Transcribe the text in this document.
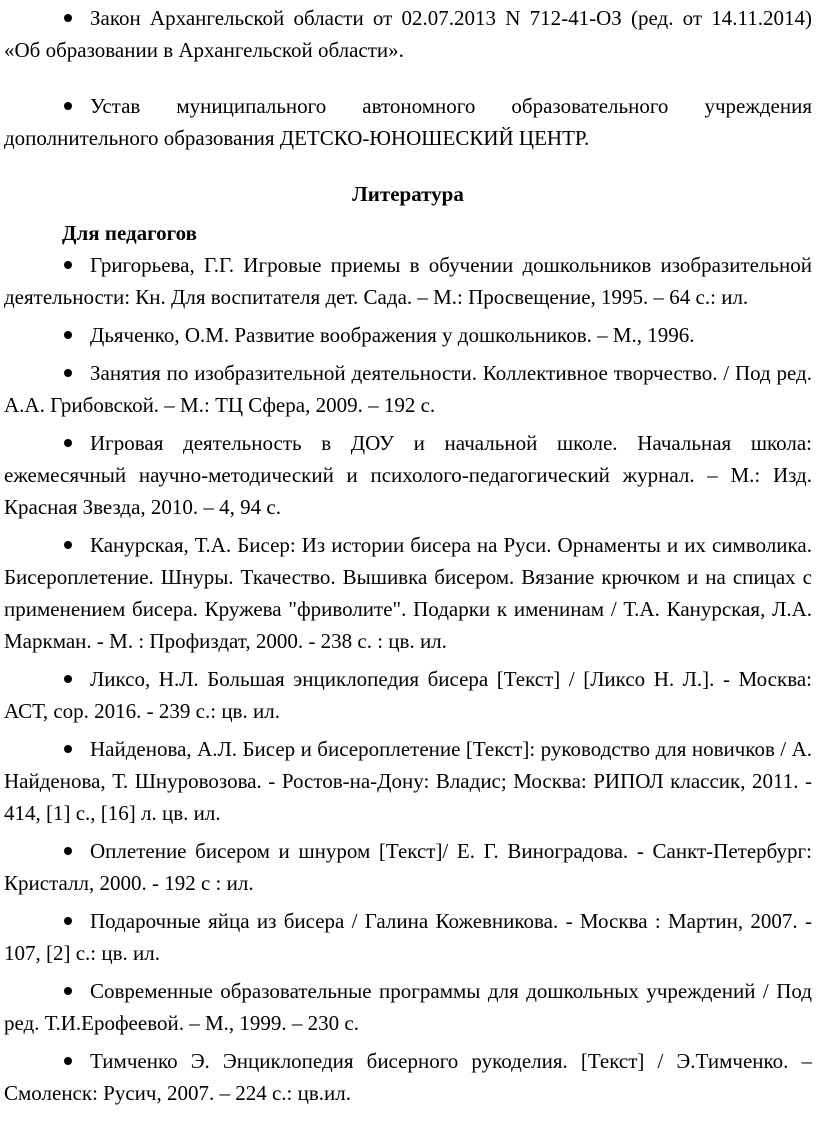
Закон Архангельской области от 02.07.2013 N 712-41-ОЗ (ред. от 14.11.2014) «Об образовании в Архангельской области».

Устав муниципального автономного образовательного учреждения дополнительного образования ДЕТСКО-ЮНОШЕСКИЙ ЦЕНТР.

Литература

Для педагогов

Григорьева, Г.Г. Игровые приемы в обучении дошкольников изобразительной деятельности: Кн. Для воспитателя дет. Сада. – М.: Просвещение, 1995. – 64 с.: ил.

Дьяченко, О.М. Развитие воображения у дошкольников. – М., 1996.

Занятия по изобразительной деятельности. Коллективное творчество. / Под ред. А.А. Грибовской. – М.: ТЦ Сфера, 2009. – 192 с.

Игровая деятельность в ДОУ и начальной школе. Начальная школа: ежемесячный научно-методический и психолого-педагогический журнал. – М.: Изд. Красная Звезда, 2010. – 4, 94 с.

Канурская, Т.А. Бисер: Из истории бисера на Руси. Орнаменты и их символика. Бисероплетение. Шнуры. Ткачество. Вышивка бисером. Вязание крючком и на спицах с применением бисера. Кружева "фриволите". Подарки к именинам / Т.А. Канурская, Л.А. Маркман. - М. : Профиздат, 2000. - 238 с. : цв. ил.

Ликсо, Н.Л. Большая энциклопедия бисера [Текст] / [Ликсо Н. Л.]. - Москва: АСТ, cop. 2016. - 239 с.: цв. ил.

Найденова, А.Л. Бисер и бисероплетение [Текст]: руководство для новичков / А. Найденова, Т. Шнуровозова. - Ростов-на-Дону: Владис; Москва: РИПОЛ классик, 2011. - 414, [1] с., [16] л. цв. ил.

Оплетение бисером и шнуром [Текст]/ Е. Г. Виноградова. - Санкт-Петербург: Кристалл, 2000. - 192 с : ил.

Подарочные яйца из бисера / Галина Кожевникова. - Москва : Мартин, 2007. - 107, [2] с.: цв. ил.

Современные образовательные программы для дошкольных учреждений / Под ред. Т.И.Ерофеевой. – М., 1999. – 230 с.

Тимченко Э. Энциклопедия бисерного рукоделия. [Текст] / Э.Тимченко. – Смоленск: Русич, 2007. – 224 с.: цв.ил.
